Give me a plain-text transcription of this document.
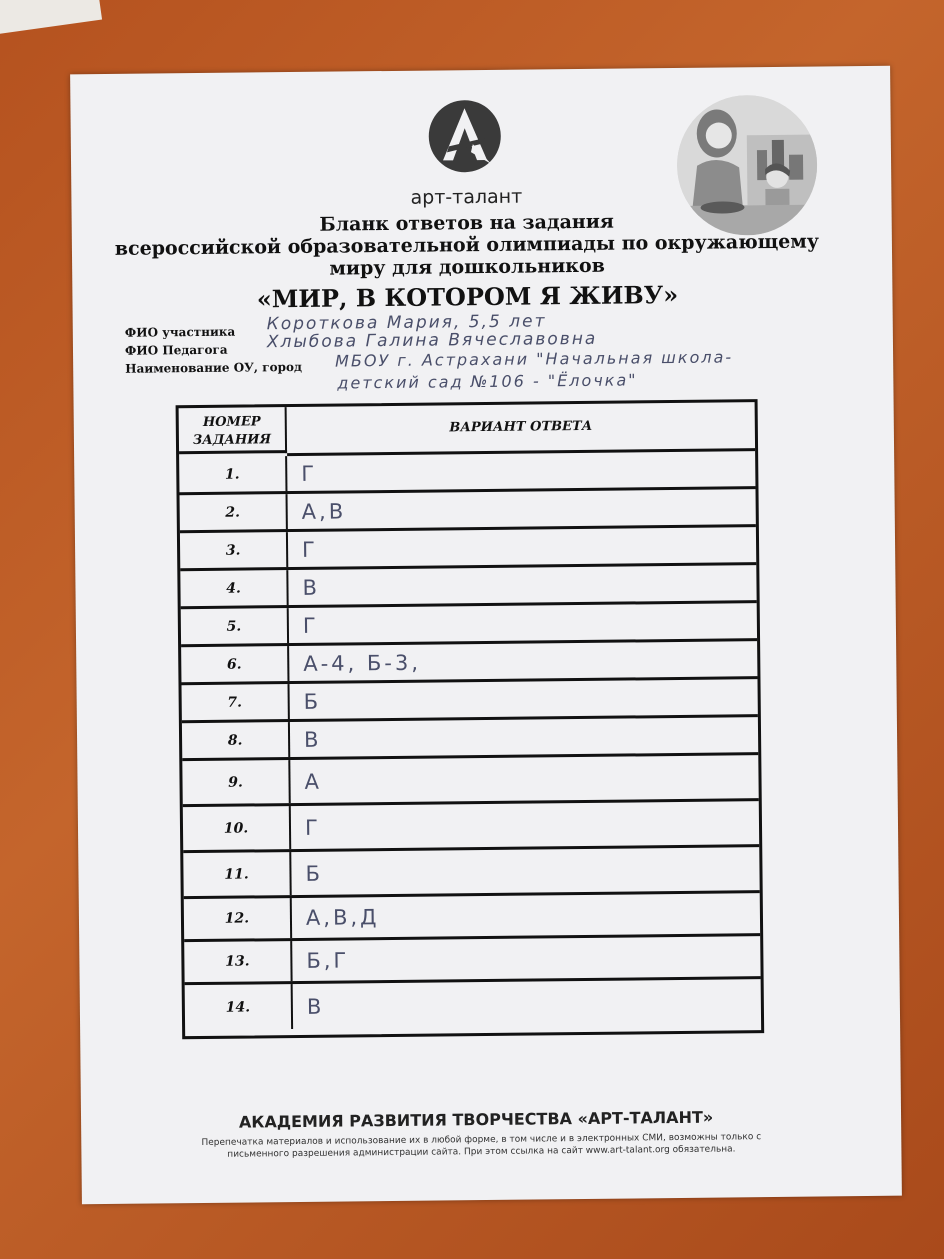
арт-талант
Бланк ответов на задания
всероссийской образовательной олимпиады по окружающему
миру для дошкольников
«МИР, В КОТОРОМ Я ЖИВУ»
ФИО участника Короткова Мария, 5,5 лет
ФИО Педагога Хлыбова Галина Вячеславовна
Наименование ОУ, город МБОУ г. Астрахани "Начальная школа-
детский сад №106 - "Ёлочка"
НОМЕР ЗАДАНИЯ
ВАРИАНТ ОТВЕТА
1.	Г
2.	А,В
3.	Г
4.	В
5.	Г
6.	А-4, Б-3,
7.	Б
8.	В
9.	А
10.	Г
11.	Б
12.	А,В,Д
13.	Б,Г
14.	В
АКАДЕМИЯ РАЗВИТИЯ ТВОРЧЕСТВА «АРТ-ТАЛАНТ»
Перепечатка материалов и использование их в любой форме, в том числе и в электронных СМИ, возможны только с
письменного разрешения администрации сайта. При этом ссылка на сайт www.art-talant.org обязательна.
